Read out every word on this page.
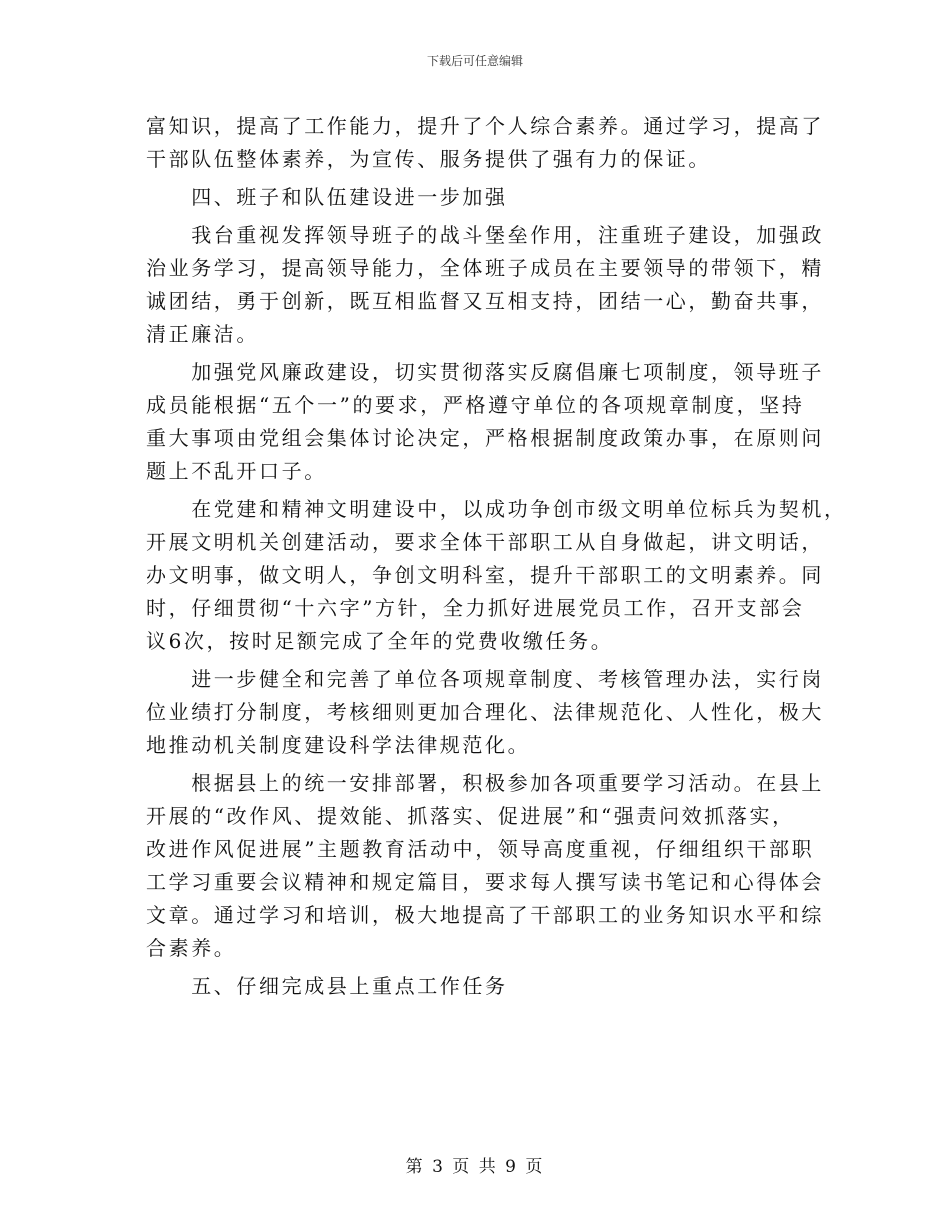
下载后可任意编辑
富知识，提高了工作能力，提升了个人综合素养。通过学习，提高了
干部队伍整体素养，为宣传、服务提供了强有力的保证。
　　四、班子和队伍建设进一步加强
　　我台重视发挥领导班子的战斗堡垒作用，注重班子建设，加强政
治业务学习，提高领导能力，全体班子成员在主要领导的带领下，精
诚团结，勇于创新，既互相监督又互相支持，团结一心，勤奋共事，
清正廉洁。
　　加强党风廉政建设，切实贯彻落实反腐倡廉七项制度，领导班子
成员能根据“五个一”的要求，严格遵守单位的各项规章制度，坚持
重大事项由党组会集体讨论决定，严格根据制度政策办事，在原则问
题上不乱开口子。
　　在党建和精神文明建设中，以成功争创市级文明单位标兵为契机，
开展文明机关创建活动，要求全体干部职工从自身做起，讲文明话，
办文明事，做文明人，争创文明科室，提升干部职工的文明素养。同
时，仔细贯彻“十六字”方针，全力抓好进展党员工作，召开支部会
议6次，按时足额完成了全年的党费收缴任务。
　　进一步健全和完善了单位各项规章制度、考核管理办法，实行岗
位业绩打分制度，考核细则更加合理化、法律规范化、人性化，极大
地推动机关制度建设科学法律规范化。
　　根据县上的统一安排部署，积极参加各项重要学习活动。在县上
开展的“改作风、提效能、抓落实、促进展”和“强责问效抓落实，
改进作风促进展”主题教育活动中，领导高度重视，仔细组织干部职
工学习重要会议精神和规定篇目，要求每人撰写读书笔记和心得体会
文章。通过学习和培训，极大地提高了干部职工的业务知识水平和综
合素养。
　　五、仔细完成县上重点工作任务
第 3 页 共 9 页
